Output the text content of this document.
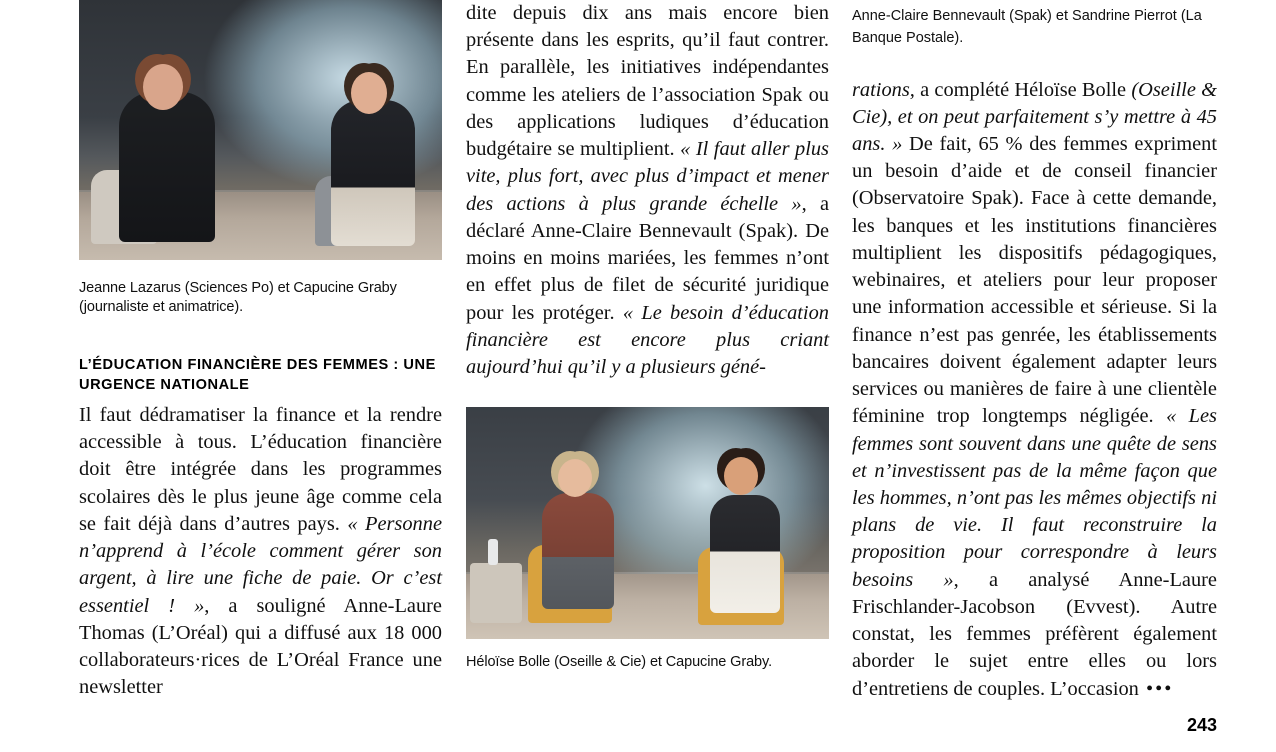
Jeanne Lazarus (Sciences Po) et Capucine Graby (journaliste et animatrice).
L’ÉDUCATION FINANCIÈRE DES FEMMES : UNE URGENCE NATIONALE
Il faut dédramatiser la finance et la rendre accessible à tous. L’éducation financière doit être intégrée dans les programmes scolaires dès le plus jeune âge comme cela se fait déjà dans d’autres pays. « Personne n’apprend à l’école comment gérer son argent, à lire une fiche de paie. Or c’est essentiel ! », a souligné Anne-Laure Thomas (L’Oréal) qui a diffusé aux 18 000 collaborateurs·rices de L’Oréal France une newsletter
dite depuis dix ans mais encore bien présente dans les esprits, qu’il faut contrer. En parallèle, les initiatives indépendantes comme les ateliers de l’association Spak ou des applications ludiques d’éducation budgétaire se multiplient. « Il faut aller plus vite, plus fort, avec plus d’impact et mener des actions à plus grande échelle », a déclaré Anne-Claire Bennevault (Spak). De moins en moins mariées, les femmes n’ont en effet plus de filet de sécurité juridique pour les protéger. « Le besoin d’éducation financière est encore plus criant aujourd’hui qu’il y a plusieurs géné-
Héloïse Bolle (Oseille & Cie) et Capucine Graby.
Anne-Claire Bennevault (Spak) et Sandrine Pierrot (La Banque Postale).
rations, a complété Héloïse Bolle (Oseille & Cie), et on peut parfaitement s’y mettre à 45 ans. » De fait, 65 % des femmes expriment un besoin d’aide et de conseil financier (Observatoire Spak). Face à cette demande, les banques et les institutions financières multiplient les dispositifs pédagogiques, webinaires, et ateliers pour leur proposer une information accessible et sérieuse. Si la finance n’est pas genrée, les établissements bancaires doivent également adapter leurs services ou manières de faire à une clientèle féminine trop longtemps négligée. « Les femmes sont souvent dans une quête de sens et n’investissent pas de la même façon que les hommes, n’ont pas les mêmes objectifs ni plans de vie. Il faut reconstruire la proposition pour correspondre à leurs besoins », a analysé Anne-Laure Frischlander-Jacobson (Evvest). Autre constat, les femmes préfèrent également aborder le sujet entre elles ou lors d’entretiens de couples. L’occasion •••
243
